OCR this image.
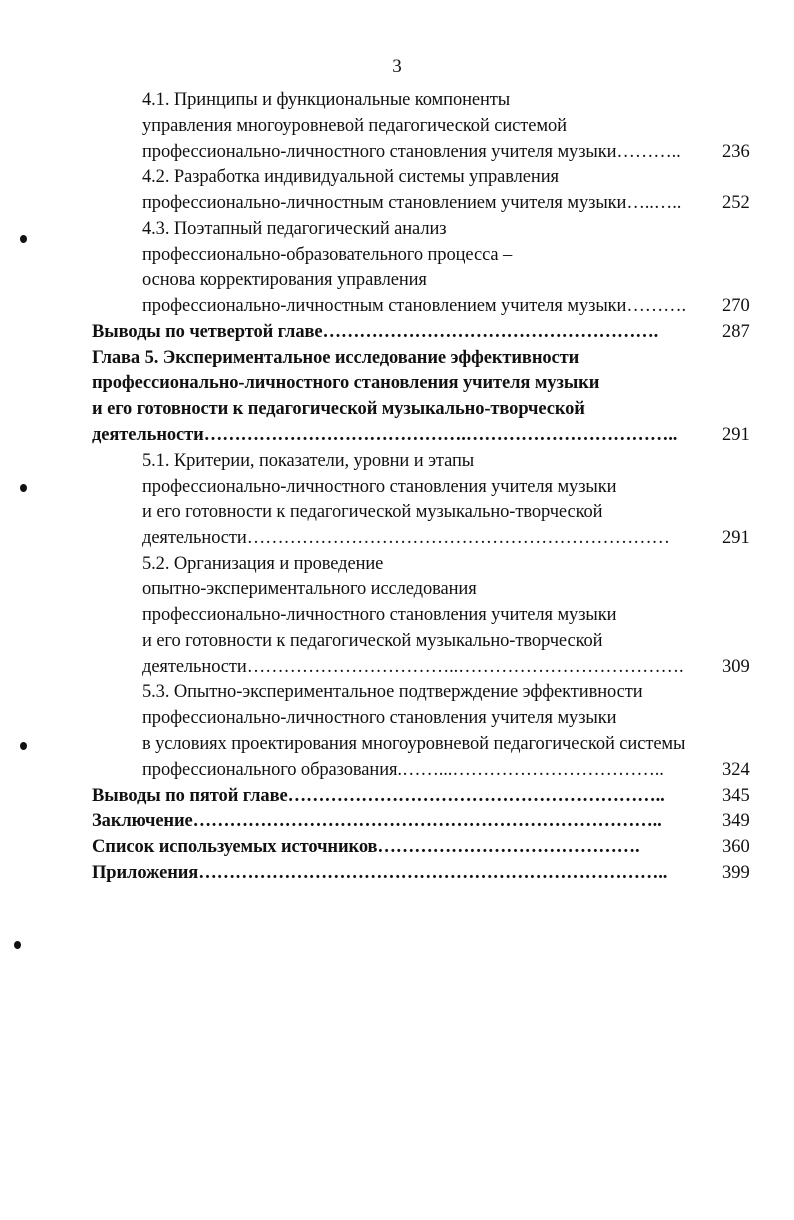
3
4.1. Принципы и функциональные компоненты
управления многоуровневой педагогической системой
профессионально-личностного становления учителя музыки……….. 236
4.2. Разработка индивидуальной системы управления
профессионально-личностным становлением учителя музыки…..….. 252
4.3. Поэтапный педагогический анализ
профессионально-образовательного процесса –
основа корректирования управления
профессионально-личностным становлением учителя музыки………. 270
Выводы по четвертой главе……………………………………………….	287
Глава 5. Экспериментальное исследование эффективности
профессионально-личностного становления учителя музыки
и его готовности к педагогической музыкально-творческой
деятельности…………………………………….…………………………….. 291
5.1. Критерии, показатели, уровни и этапы
профессионально-личностного становления учителя музыки
и его готовности к педагогической музыкально-творческой
деятельности……………………………………………………………	291
5.2. Организация и проведение
опытно-экспериментального исследования
профессионально-личностного становления учителя музыки
и его готовности к педагогической музыкально-творческой
деятельности……………………………..………………………………. 309
5.3. Опытно-экспериментальное подтверждение эффективности
профессионально-личностного становления учителя музыки
в условиях проектирования многоуровневой педагогической системы
профессионального образования.……...……………………………..	324
Выводы по пятой главе……………………………………………………..	345
Заключение…………………………………………………………………..	349
Список используемых источников…………………………………….	360
Приложения…………………………………………………………………..	399
